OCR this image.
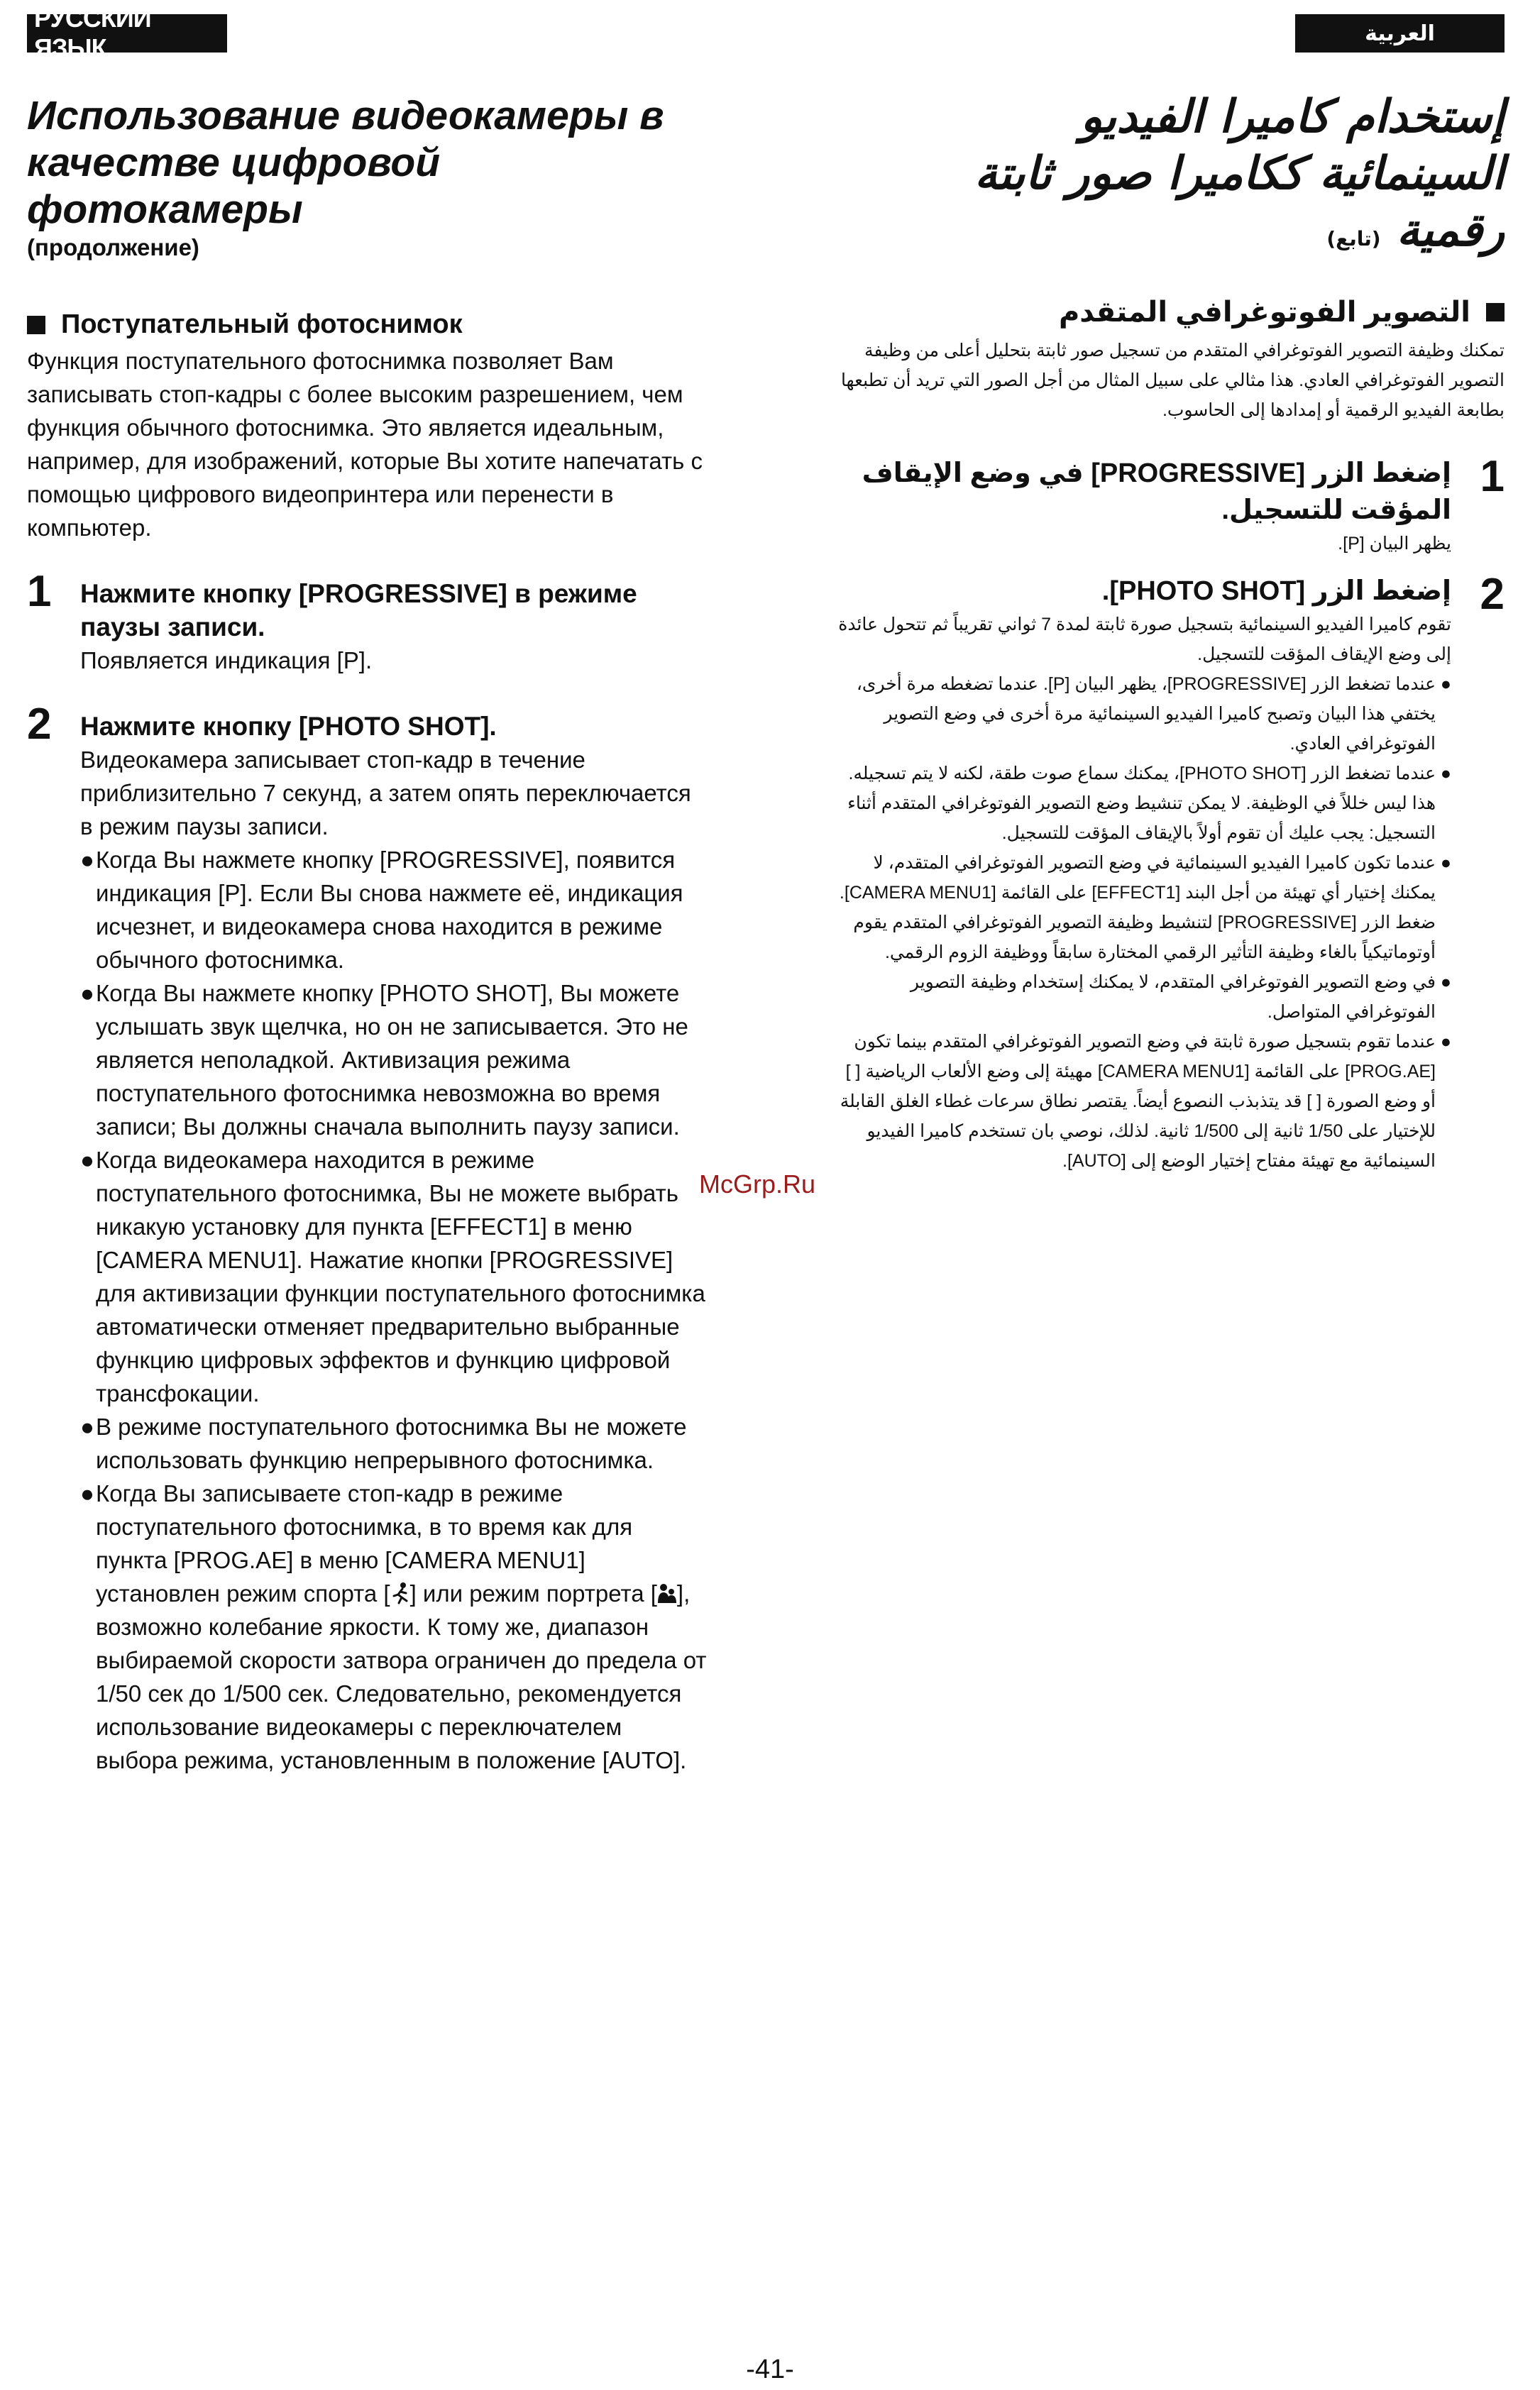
РУССКИЙ ЯЗЫК	العربية
Использование видеокамеры в
качестве цифровой фотокамеры

(продолжение)

Поступательный фотоснимок

Функция поступательного фотоснимка позволяет Вам записывать стоп-кадры с более высоким разрешением, чем функция обычного фотоснимка. Это является идеальным, например, для изображений, которые Вы хотите напечатать с помощью цифрового видеопринтера или перенести в компьютер.

1	Нажмите кнопку [PROGRESSIVE] в режиме паузы записи.

Появляется индикация [P].

2	Нажмите кнопку [PHOTO SHOT].

Видеокамера записывает стоп-кадр в течение приблизительно 7 секунд, а затем опять переключается в режим паузы записи.

● Когда Вы нажмете кнопку [PROGRESSIVE], появится индикация [P]. Если Вы снова нажмете её, индикация исчезнет, и видеокамера снова находится в режиме обычного фотоснимка.
● Когда Вы нажмете кнопку [PHOTO SHOT], Вы можете услышать звук щелчка, но он не записывается. Это не является неполадкой. Активизация режима поступательного фотоснимка невозможна во время записи; Вы должны сначала выполнить паузу записи.
● Когда видеокамера находится в режиме поступательного фотоснимка, Вы не можете выбрать никакую установку для пункта [EFFECT1] в меню [CAMERA MENU1]. Нажатие кнопки [PROGRESSIVE] для активизации функции поступательного фотоснимка автоматически отменяет предварительно выбранные функцию цифровых эффектов и функцию цифровой трансфокации.
● В режиме поступательного фотоснимка Вы не можете использовать функцию непрерывного фотоснимка.
● Когда Вы записываете стоп-кадр в режиме поступательного фотоснимка, в то время как для пункта [PROG.AE] в меню [CAMERA MENU1] установлен режим спорта [ ] или режим портрета [ ], возможно колебание яркости. К тому же, диапазон выбираемой скорости затвора ограничен до предела от 1/50 сек до 1/500 сек. Следовательно, рекомендуется использование видеокамеры с переключателем выбора режима, установленным в положение [AUTO].
إستخدام كاميرا الفيديو
السينمائية ككاميرا صور ثابتة
رقمية (تابع)
التصوير الفوتوغرافي المتقدم

تمكنك وظيفة التصوير الفوتوغرافي المتقدم من تسجيل صور ثابتة بتحليل أعلى من وظيفة التصوير الفوتوغرافي العادي. هذا مثالي على سبيل المثال من أجل الصور التي تريد أن تطبعها بطابعة الفيديو الرقمية أو إمدادها إلى الحاسوب.

1

إضغط الزر [PROGRESSIVE] في وضع الإيقاف المؤقت للتسجيل.

يظهر البيان [P].

2

إضغط الزر [PHOTO SHOT].

تقوم كاميرا الفيديو السينمائية بتسجيل صورة ثابتة لمدة 7 ثواني تقريباً ثم تتحول عائدة إلى وضع الإيقاف المؤقت للتسجيل.

●
عندما تضغط الزر [PROGRESSIVE]، يظهر البيان [P]. عندما تضغطه مرة أخرى، يختفي هذا البيان وتصبح كاميرا الفيديو السينمائية مرة أخرى في وضع التصوير الفوتوغرافي العادي.
●
عندما تضغط الزر [PHOTO SHOT]، يمكنك سماع صوت طقة، لكنه لا يتم تسجيله. هذا ليس خللاً في الوظيفة. لا يمكن تنشيط وضع التصوير الفوتوغرافي المتقدم أثناء التسجيل: يجب عليك أن تقوم أولاً بالإيقاف المؤقت للتسجيل.
●
عندما تكون كاميرا الفيديو السينمائية في وضع التصوير الفوتوغرافي المتقدم، لا يمكنك إختيار أي تهيئة من أجل البند [EFFECT1] على القائمة [CAMERA MENU1]. ضغط الزر [PROGRESSIVE] لتنشيط وظيفة التصوير الفوتوغرافي المتقدم يقوم أوتوماتيكياً بالغاء وظيفة التأثير الرقمي المختارة سابقاً ووظيفة الزوم الرقمي.
●
في وضع التصوير الفوتوغرافي المتقدم، لا يمكنك إستخدام وظيفة التصوير الفوتوغرافي المتواصل.
●
عندما تقوم بتسجيل صورة ثابتة في وضع التصوير الفوتوغرافي المتقدم بينما تكون [PROG.AE] على القائمة [CAMERA MENU1] مهيئة إلى وضع الألعاب الرياضية [ ] أو وضع الصورة [ ] قد يتذبذب النصوع أيضاً. يقتصر نطاق سرعات غطاء الغلق القابلة للإختيار على 1/50 ثانية إلى 1/500 ثانية. لذلك، نوصي بان تستخدم كاميرا الفيديو السينمائية مع تهيئة مفتاح إختيار الوضع إلى [AUTO].
McGrp.Ru
-41-
